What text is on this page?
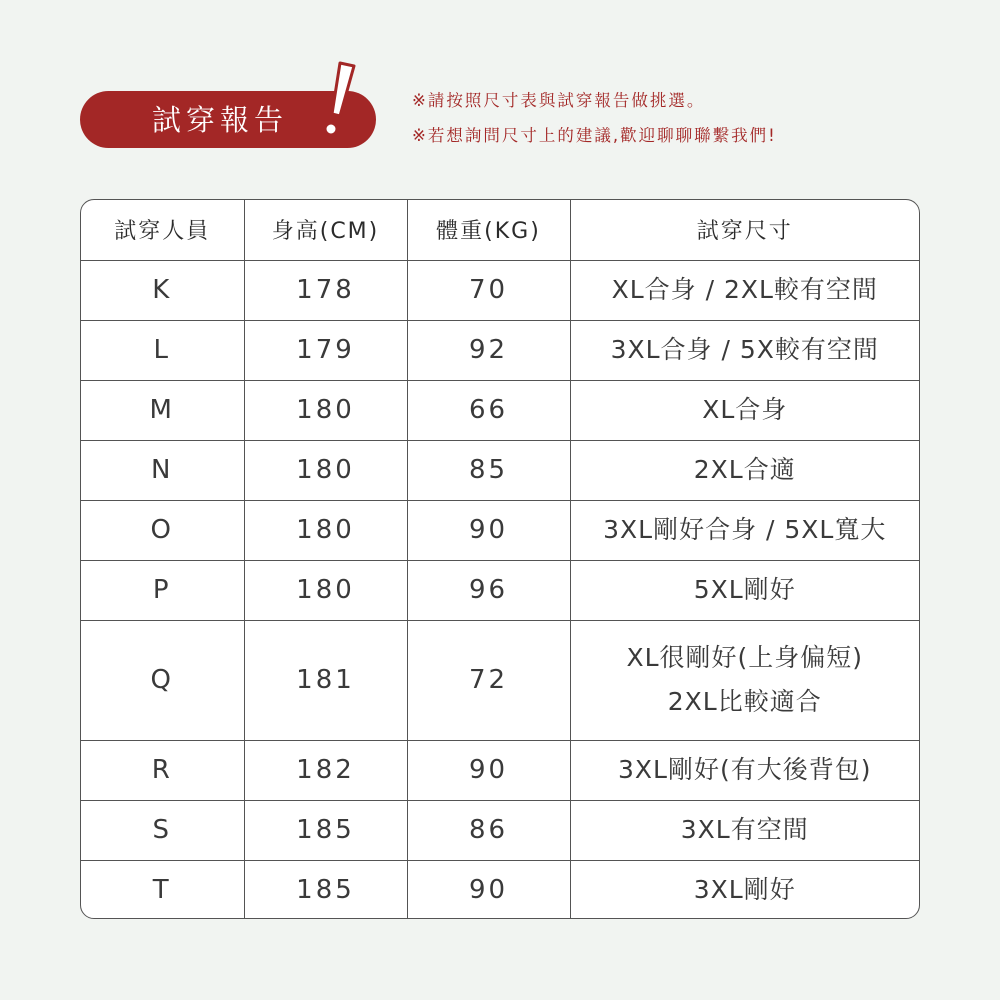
試穿報告
※請按照尺寸表與試穿報告做挑選。
※若想詢問尺寸上的建議,歡迎聊聊聯繫我們!
試穿人員	身高(CM)	體重(KG)	試穿尺寸
K	178	70	XL合身 / 2XL較有空間

L	179	92	3XL合身 / 5X較有空間

M	180	66	XL合身

N	180	85	2XL合適

O	180	90	3XL剛好合身 / 5XL寬大

P	180	96	5XL剛好

Q	181	72	XL很剛好(上身偏短)
2XL比較適合

R	182	90	3XL剛好(有大後背包)

S	185	86	3XL有空間

T	185	90	3XL剛好
